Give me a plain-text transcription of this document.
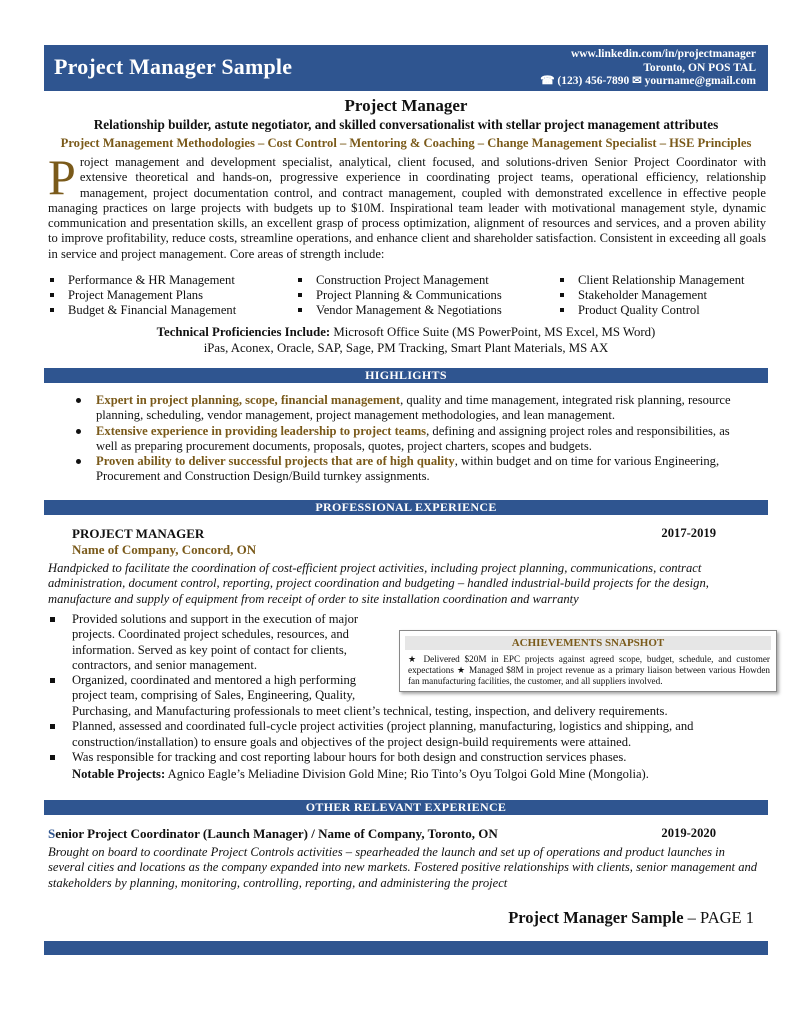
Project Manager Sample	www.linkedin.com/in/projectmanager
Toronto, ON POS TAL
☎ (123) 456-7890 ✉ yourname@gmail.com
Project Manager
Relationship builder, astute negotiator, and skilled conversationalist with stellar project management attributes
Project Management Methodologies – Cost Control – Mentoring & Coaching – Change Management Specialist – HSE Principles
Project management and development specialist, analytical, client focused, and solutions-driven Senior Project Coordinator with extensive theoretical and hands-on, progressive experience in coordinating project teams, operational efficiency, relationship management, project documentation control, and contract management, coupled with demonstrated excellence in effective people managing practices on large projects with budgets up to $10M. Inspirational team leader with motivational management style, dynamic communication and presentation skills, an excellent grasp of process optimization, alignment of resources and services, and a proven ability to improve profitability, reduce costs, streamline operations, and enhance client and shareholder satisfaction. Consistent in exceeding all goals in service and project management. Core areas of strength include:
Performance & HR Management
Project Management Plans
Budget & Financial Management
Construction Project Management
Project Planning & Communications
Vendor Management & Negotiations
Client Relationship Management
Stakeholder Management
Product Quality Control
Technical Proficiencies Include: Microsoft Office Suite (MS PowerPoint, MS Excel, MS Word)
iPas, Aconex, Oracle, SAP, Sage, PM Tracking, Smart Plant Materials, MS AX
HIGHLIGHTS
Expert in project planning, scope, financial management, quality and time management, integrated risk planning, resource planning, scheduling, vendor management, project management methodologies, and lean management.
Extensive experience in providing leadership to project teams, defining and assigning project roles and responsibilities, as well as preparing procurement documents, proposals, quotes, project charters, scopes and budgets.
Proven ability to deliver successful projects that are of high quality, within budget and on time for various Engineering, Procurement and Construction Design/Build turnkey assignments.
PROFESSIONAL EXPERIENCE
PROJECT MANAGER	2017-2019
Name of Company, Concord, ON
Handpicked to facilitate the coordination of cost-efficient project activities, including project planning, communications, contract administration, document control, reporting, project coordination and budgeting – handled industrial-build projects for the design, manufacture and supply of equipment from receipt of order to site installation coordination and warranty
Provided solutions and support in the execution of major projects. Coordinated project schedules, resources, and information. Served as key point of contact for clients, contractors, and senior management.
Organized, coordinated and mentored a high performing project team, comprising of Sales, Engineering, Quality,
ACHIEVEMENTS SNAPSHOT
★ Delivered $20M in EPC projects against agreed scope, budget, schedule, and customer expectations ★ Managed $8M in project revenue as a primary liaison between various Howden fan manufacturing facilities, the customer, and all suppliers involved.
Purchasing, and Manufacturing professionals to meet client’s technical, testing, inspection, and delivery requirements.
Planned, assessed and coordinated full-cycle project activities (project planning, manufacturing, logistics and shipping, and construction/installation) to ensure goals and objectives of the project design-build requirements were attained.
Was responsible for tracking and cost reporting labour hours for both design and construction services phases.
Notable Projects: Agnico Eagle’s Meliadine Division Gold Mine; Rio Tinto’s Oyu Tolgoi Gold Mine (Mongolia).
OTHER RELEVANT EXPERIENCE
Senior Project Coordinator (Launch Manager) / Name of Company, Toronto, ON	2019-2020
Brought on board to coordinate Project Controls activities – spearheaded the launch and set up of operations and product launches in several cities and locations as the company expanded into new markets. Fostered positive relationships with clients, senior management and stakeholders by planning, monitoring, controlling, reporting, and administering the project
Project Manager Sample – PAGE 1
